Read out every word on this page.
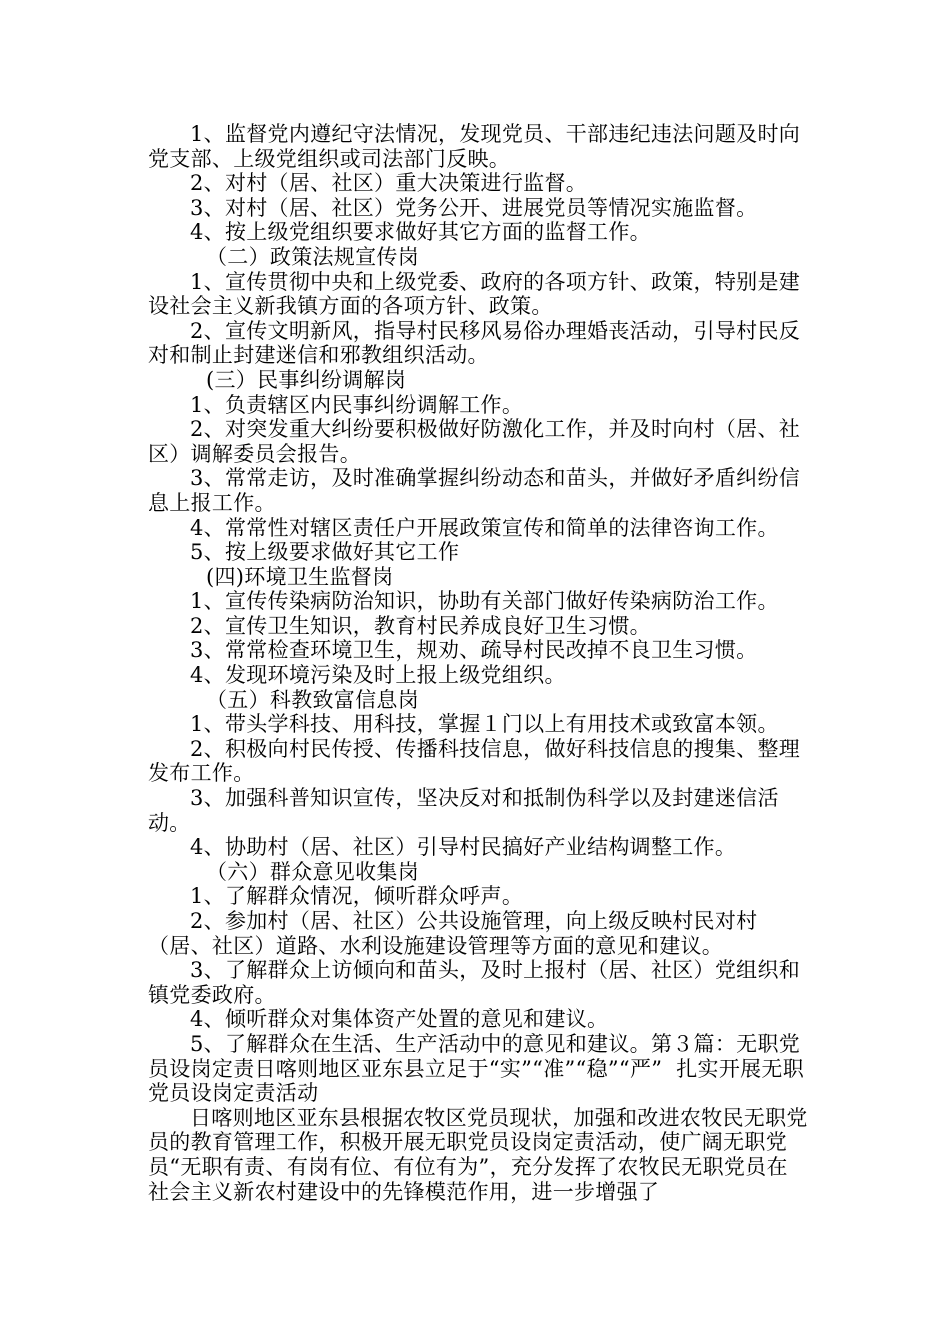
1、监督党内遵纪守法情况，发现党员、干部违纪违法问题及时向党支部、上级党组织或司法部门反映。

2、对村（居、社区）重大决策进行监督。

3、对村（居、社区）党务公开、进展党员等情况实施监督。

4、按上级党组织要求做好其它方面的监督工作。

（二）政策法规宣传岗

1、宣传贯彻中央和上级党委、政府的各项方针、政策，特别是建设社会主义新我镇方面的各项方针、政策。

2、宣传文明新风，指导村民移风易俗办理婚丧活动，引导村民反对和制止封建迷信和邪教组织活动。

(三）民事纠纷调解岗

1、负责辖区内民事纠纷调解工作。

2、对突发重大纠纷要积极做好防激化工作，并及时向村（居、社区）调解委员会报告。

3、常常走访，及时准确掌握纠纷动态和苗头，并做好矛盾纠纷信息上报工作。

4、常常性对辖区责任户开展政策宣传和简单的法律咨询工作。

5、按上级要求做好其它工作

(四)环境卫生监督岗

1、宣传传染病防治知识，协助有关部门做好传染病防治工作。

2、宣传卫生知识，教育村民养成良好卫生习惯。

3、常常检查环境卫生，规劝、疏导村民改掉不良卫生习惯。

4、发现环境污染及时上报上级党组织。

（五）科教致富信息岗

1、带头学科技、用科技，掌握１门以上有用技术或致富本领。

2、积极向村民传授、传播科技信息，做好科技信息的搜集、整理发布工作。

3、加强科普知识宣传，坚决反对和抵制伪科学以及封建迷信活动。

4、协助村（居、社区）引导村民搞好产业结构调整工作。

（六）群众意见收集岗

1、了解群众情况，倾听群众呼声。

2、参加村（居、社区）公共设施管理，向上级反映村民对村（居、社区）道路、水利设施建设管理等方面的意见和建议。

3、了解群众上访倾向和苗头，及时上报村（居、社区）党组织和镇党委政府。

4、倾听群众对集体资产处置的意见和建议。

5、了解群众在生活、生产活动中的意见和建议。第３篇：无职党员设岗定责日喀则地区亚东县立足于“实”“准”“稳”“严”  扎实开展无职党员设岗定责活动

日喀则地区亚东县根据农牧区党员现状，加强和改进农牧民无职党员的教育管理工作，积极开展无职党员设岗定责活动，使广阔无职党员“无职有责、有岗有位、有位有为”，充分发挥了农牧民无职党员在社会主义新农村建设中的先锋模范作用，进一步增强了
